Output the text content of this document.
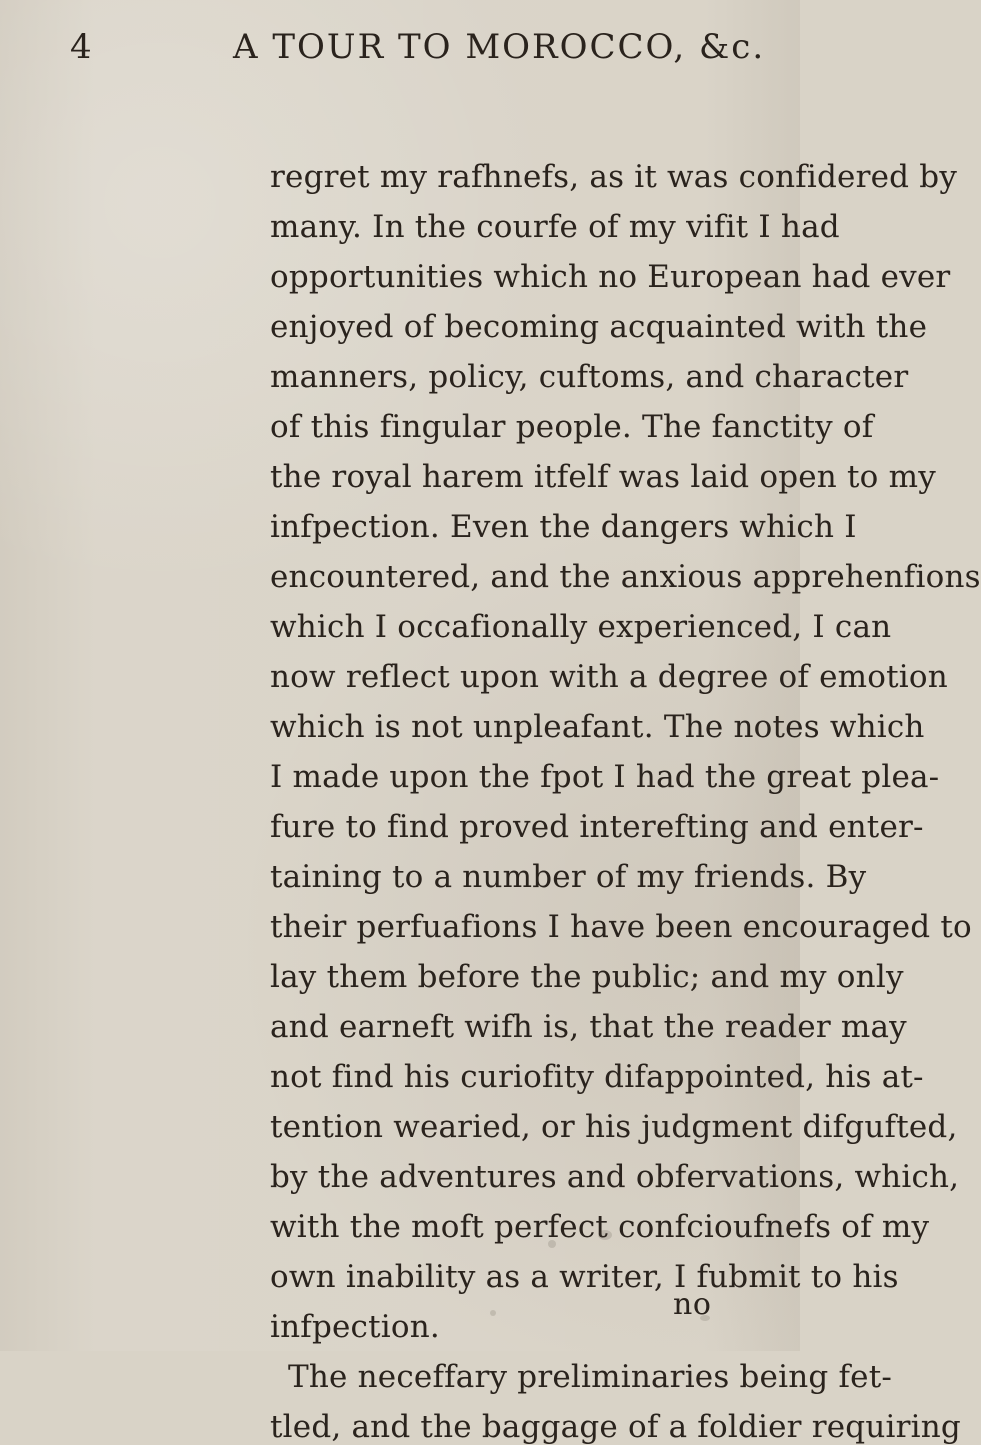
4	A TOUR TO MOROCCO, &c.
regret my rafhnefs, as it was confidered by
many. In the courfe of my vifit I had
opportunities which no European had ever
enjoyed of becoming acquainted with the
manners, policy, cuftoms, and character
of this fingular people. The fanctity of
the royal harem itfelf was laid open to my
infpection. Even the dangers which I
encountered, and the anxious apprehenfions
which I occafionally experienced, I can
now reflect upon with a degree of emotion
which is not unpleafant. The notes which
I made upon the fpot I had the great plea-
fure to find proved interefting and enter-
taining to a number of my friends. By
their perfuafions I have been encouraged to
lay them before the public; and my only
and earneft wifh is, that the reader may
not find his curiofity difappointed, his at-
tention wearied, or his judgment difgufted,
by the adventures and obfervations, which,
with the moft perfect confcioufnefs of my
own inability as a writer, I fubmit to his
infpection.
The neceffary preliminaries being fet-
tled, and the baggage of a foldier requiring
no
